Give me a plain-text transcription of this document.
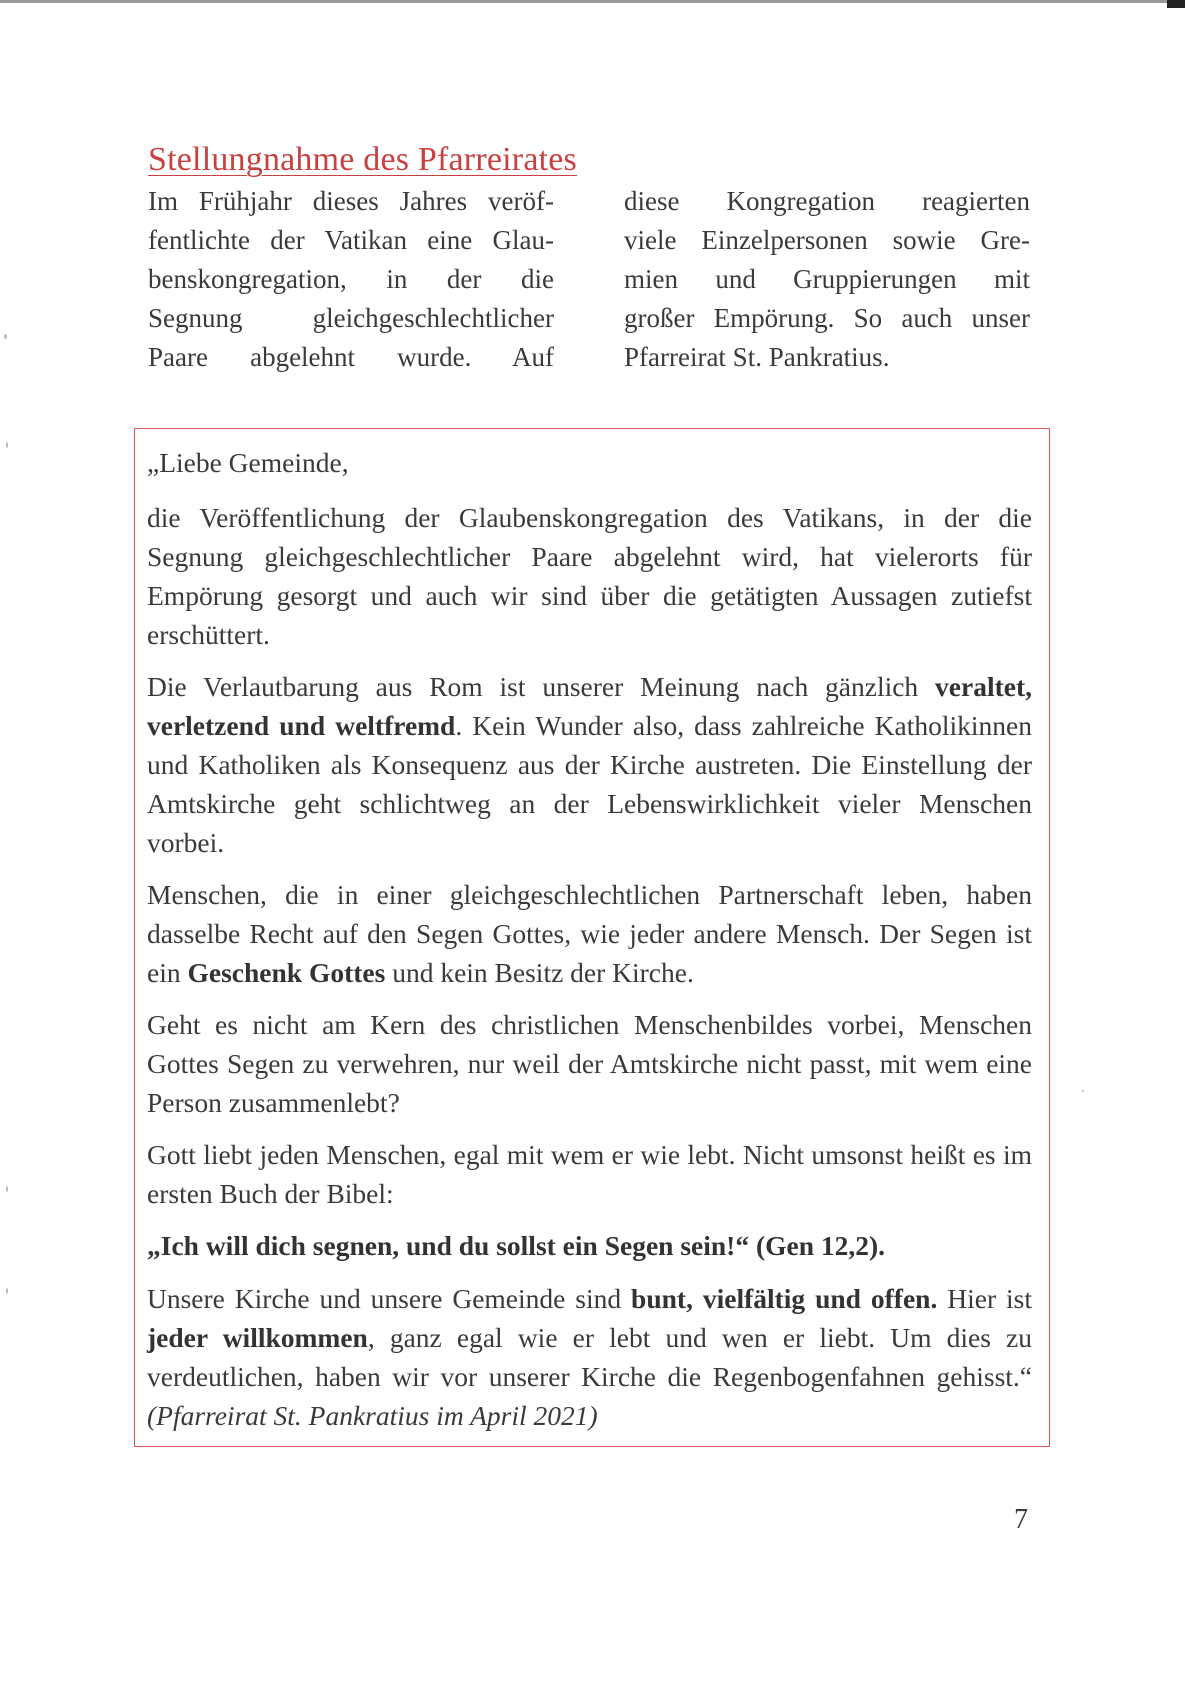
Stellungnahme des Pfarreirates

Im Frühjahr dieses Jahres veröf-
fentlichte der Vatikan eine Glau-
benskongregation, in der die
Segnung gleichgeschlechtlicher
Paare abgelehnt wurde. Auf

diese Kongregation reagierten
viele Einzelpersonen sowie Gre-
mien und Gruppierungen mit
großer Empörung. So auch unser
Pfarreirat St. Pankratius.

„Liebe Gemeinde,

die Veröffentlichung der Glaubenskongregation des Vatikans, in der die Segnung gleichgeschlechtlicher Paare abgelehnt wird, hat vielerorts für Empörung gesorgt und auch wir sind über die getätigten Aussagen zutiefst erschüttert.

Die Verlautbarung aus Rom ist unserer Meinung nach gänzlich veraltet, verletzend und weltfremd. Kein Wunder also, dass zahlreiche Katholikinnen und Katholiken als Konsequenz aus der Kirche austreten. Die Einstellung der Amtskirche geht schlichtweg an der Lebenswirklichkeit vieler Menschen vorbei.

Menschen, die in einer gleichgeschlechtlichen Partnerschaft leben, haben dasselbe Recht auf den Segen Gottes, wie jeder andere Mensch. Der Segen ist ein Geschenk Gottes und kein Besitz der Kirche.

Geht es nicht am Kern des christlichen Menschenbildes vorbei, Menschen Gottes Segen zu verwehren, nur weil der Amtskirche nicht passt, mit wem eine Person zusammenlebt?

Gott liebt jeden Menschen, egal mit wem er wie lebt. Nicht umsonst heißt es im ersten Buch der Bibel:

„Ich will dich segnen, und du sollst ein Segen sein!“ (Gen 12,2).

Unsere Kirche und unsere Gemeinde sind bunt, vielfältig und offen. Hier ist jeder willkommen, ganz egal wie er lebt und wen er liebt. Um dies zu verdeutlichen, haben wir vor unserer Kirche die Regenbogenfahnen gehisst.“ (Pfarreirat St. Pankratius im April 2021)

7
